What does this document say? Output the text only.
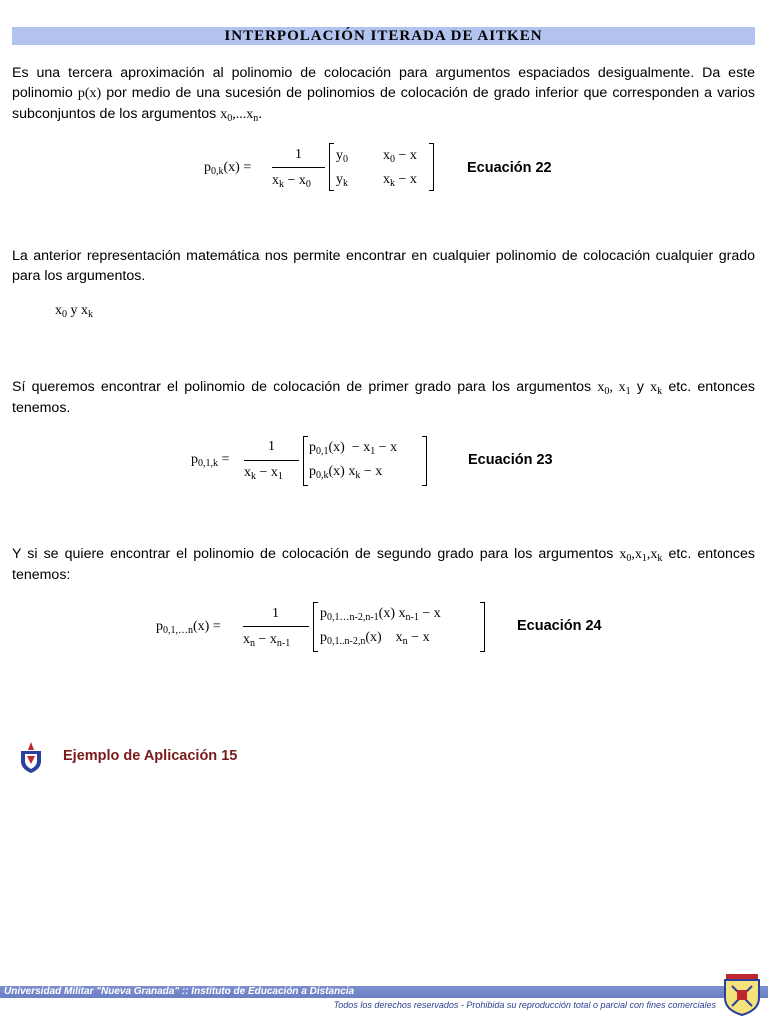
INTERPOLACIÓN ITERADA DE AITKEN

Es una tercera aproximación al polinomio de colocación para argumentos espaciados desigualmente. Da este polinomio p(x) por medio de una sucesión de polinomios de colocación de grado inferior que corresponden a varios subconjuntos de los argumentos $x_0,...x_n$.

$p_{0,k}(x)$ =
1
$x_k - x_0$
$y_0$	$x_0 - x$
$y_k$	$x_k - x$
Ecuación 22

La anterior representación matemática nos permite encontrar en cualquier polinomio de colocación cualquier grado para los argumentos.

$x_0$ y $x_k$

Sí queremos encontrar el polinomio de colocación de primer grado para los argumentos $x_0$, $x_1$ y $x_k$ etc. entonces tenemos.

$p_{0,1,k}$ =
1
$x_k - x_1$
$p_{0,1}(x) - x_1 - x$
$p_{0,k}(x) x_k - x$
Ecuación 23

Y si se quiere encontrar el polinomio de colocación de segundo grado para los argumentos $x_0,x_1,x_k$ etc. entonces tenemos:

$p_{0,1,\dots n}(x)$ =
1
$x_n - x_{n-1}$
$p_{0,1\dots n-2,n-1}(x) x_{n-1} - x$
$p_{0,1..n-2,n}(x)$    $x_n - x$
Ecuación 24
Ejemplo de Aplicación 15
Universidad Militar "Nueva Granada" :: Instituto de Educación a Distancia
Todos los derechos reservados - Prohibida su reproducción total o parcial con fines comerciales
